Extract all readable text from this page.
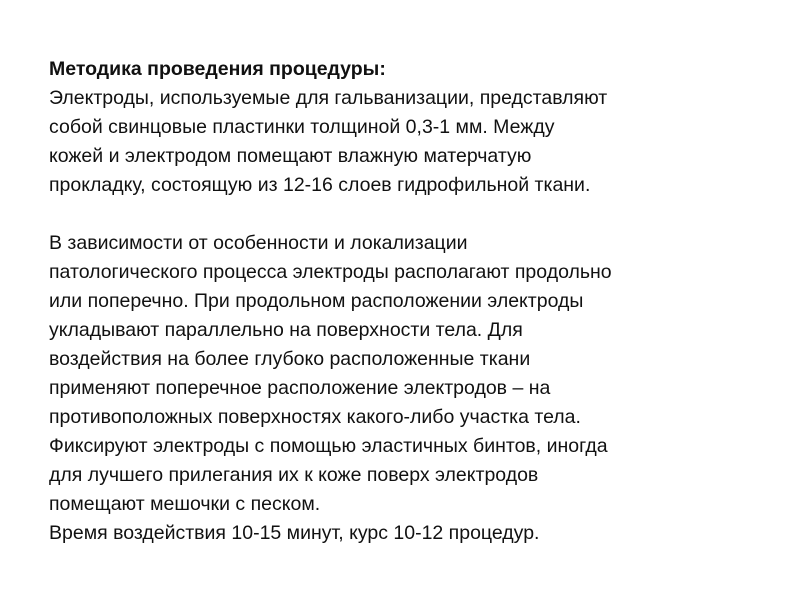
Методика проведения процедуры:
Электроды, используемые для гальванизации, представляют
собой свинцовые пластинки толщиной 0,3-1 мм. Между
кожей и электродом помещают влажную матерчатую
прокладку, состоящую из 12-16 слоев гидрофильной ткани.
В зависимости от особенности и локализации
патологического процесса электроды располагают продольно
или поперечно. При продольном расположении электроды
укладывают параллельно на поверхности тела. Для
воздействия на более глубоко расположенные ткани
применяют поперечное расположение электродов – на
противоположных поверхностях какого-либо участка тела.
Фиксируют электроды с помощью эластичных бинтов, иногда
для лучшего прилегания их к коже поверх электродов
помещают мешочки с песком.
Время воздействия 10-15 минут, курс 10-12 процедур.
